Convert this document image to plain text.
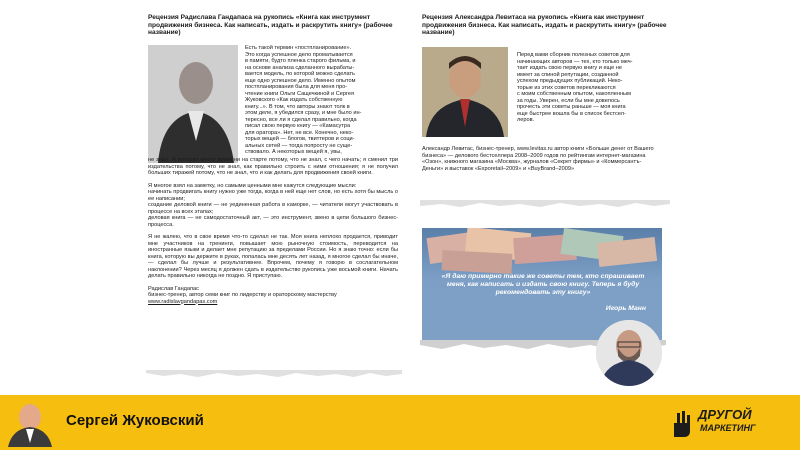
Рецензия Радислава Гандапаса на рукопись «Книга как инструмент продвижения бизнеса. Как написать, издать и раскрутить книгу» (рабочее название)

Есть такой термин «постпланирование».

Это когда успешное дело проматывается

в памяти, будто пленка старого фильма, и

на основе анализа сделанного вырабаты-

вается модель, по которой можно сделать

еще одно успешное дело. Именно опытом

постпланирования была для меня про-

чтение книги Ольги Сащечкиной и Сергея

Жуковского «Как издать собственную

книгу...». В том, что авторы знают толк в

этом деле, я убедился сразу, и мне было ин-

тересно, все ли я сделал правильно, когда

писал свою первую книгу — «Камасутра

для оратора». Нет, не все. Конечно, неко-

торых вещей — блогов, твиттеров и соци-

альных сетей — тогда попросту не суще-

ствовало. А некоторых вещей я, увы,

не знал. Я потерял много времени на старте потому, что не знал, с чего начать; я сменил три издательства потому, что не знал, как правильно строить с ними отношения; я не получил больших тиражей потому, что не знал, что и как делать для продвижения своей книги.

Я многое взял на заметку, но самыми ценными мне кажутся следующие мысли:

начинать продвигать книгу нужно уже тогда, когда в ней еще нет слов, но есть хотя бы мысль о ее написании;

создание деловой книги — не уединенная работа в каморке, — читатели могут участвовать в процессе на всех этапах;

деловая книга — не самодостаточный акт, — это инструмент, звено в цепи большого бизнес-процесса.

Я не жалею, что в свое время что-то сделал не так. Моя книга неплохо продается, приводит мне участников на тренинги, повышает мою рыночную стоимость, переводится на иностранные языки и делает мне репутацию за пределами России. Но я знаю точно: если бы книга, которую вы держите в руках, попалась мне десять лет назад, я многое сделал бы иначе, — сделал бы лучше и результативнее. Впрочем, почему я говорю в сослагательном наклонении? Через месяц я должен сдать в издательство рукопись уже восьмой книги. Начать делать правильно никогда не поздно. Я приступаю.

Радислав Гандапас

бизнес-тренер, автор семи книг по лидерству и ораторскому мастерству

www.radislavgandapas.com

Рецензия Александра Левитаса на рукопись «Книга как инструмент продвижения бизнеса. Как написать, издать и раскрутить книгу» (рабочее название)

Перед вами сборник полезных советов для

начинающих авторов — тех, кто только меч-

тает издать свою первую книгу и еще не

имеет за спиной репутации, созданной

успехом предыдущих публикаций. Неко-

торые из этих советов перекликаются

с моим собственным опытом, накопленным

за годы. Уверен, если бы мне довелось

прочесть эти советы раньше — моя книга

еще быстрее вошла бы в список бестсел-

леров.

Александр Левитас, бизнес-тренер, www.levitas.ru автор книги «Больше денег от Вашего бизнеса» — делового бестселлера 2008–2009 годов по рейтингам интернет-магазина «Озон», книжного магазина «Москва», журналов «Секрет фирмы» и «Коммерсантъ-Деньги» и выставок «Exporetail–2009» и «BuyBrand–2009»

«Я даю примерно такие же советы тем, кто спрашивает меня, как написать и издать свою книгу. Теперь я буду рекомендовать эту книгу»
Игорь Манн
Сергей Жуковский	ДРУГОЙ
МАРКЕТИНГ
